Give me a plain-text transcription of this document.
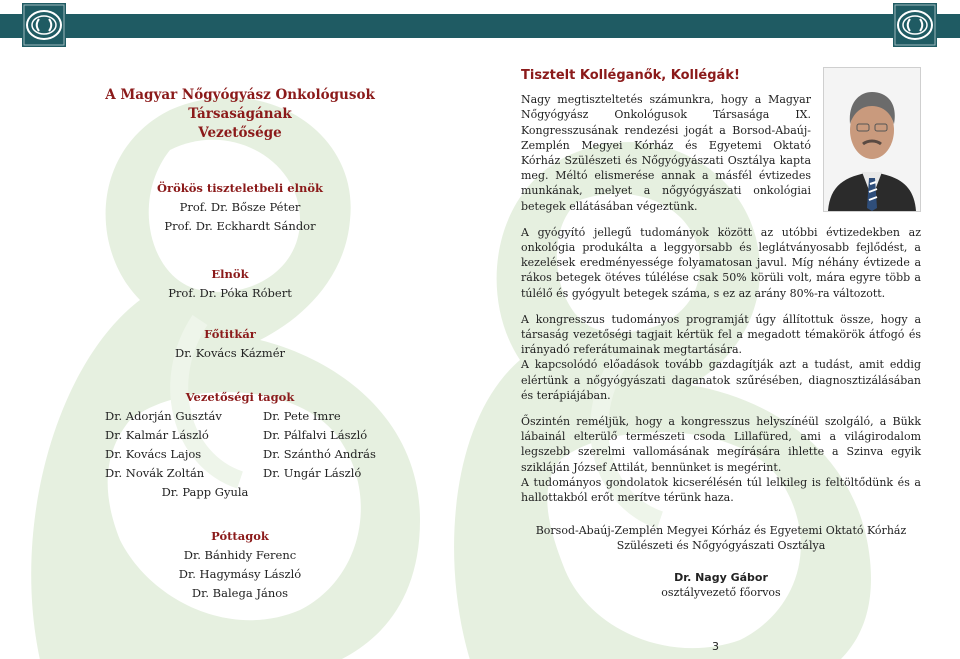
A Magyar Nőgyógyász Onkológusok Társaságának
Vezetősége
Örökös tiszteletbeli elnök
Prof. Dr. Bősze Péter
Prof. Dr. Eckhardt Sándor
Elnök
Prof. Dr. Póka Róbert
Főtitkár
Dr. Kovács Kázmér
Vezetőségi tagok
Dr. Adorján Gusztáv	Dr. Pete Imre
Dr. Kalmár László	Dr. Pálfalvi László
Dr. Kovács Lajos	Dr. Szánthó András
Dr. Novák Zoltán	Dr. Ungár László
Dr. Papp Gyula
Póttagok
Dr. Bánhidy Ferenc
Dr. Hagymásy László
Dr. Balega János
Tisztelt Kolléganők, Kollégák!
Nagy megtiszteltetés számunkra, hogy a Magyar Nőgyógyász Onkológusok Társasága IX. Kongresszusának rendezési jogát a Borsod-Abaúj-Zemplén Megyei Kórház és Egyetemi Oktató Kórház Szülészeti és Nőgyógyászati Osztálya kapta meg. Méltó elismerése annak a másfél évtizedes munkának, melyet a nőgyógyászati onkológiai betegek ellátásában végeztünk.
A gyógyító jellegű tudományok között az utóbbi évtizedekben az onkológia produkálta a leggyorsabb és leglátványosabb fejlődést, a kezelések eredményessége folyamatosan javul. Míg néhány évtizede a rákos betegek ötéves túlélése csak 50% körüli volt, mára egyre több a túlélő és gyógyult betegek száma, s ez az arány 80%-ra változott.
A kongresszus tudományos programját úgy állítottuk össze, hogy a társaság vezetőségi tagjait kértük fel a megadott témakörök átfogó és irányadó referátumainak megtartására.
A kapcsolódó előadások tovább gazdagítják azt a tudást, amit eddig elértünk a nőgyógyászati daganatok szűrésében, diagnosztizálásában és terápiájában.
Őszintén reméljük, hogy a kongresszus helyszínéül szolgáló, a Bükk lábainál elterülő természeti csoda Lillafüred, ami a világirodalom legszebb szerelmi vallomásának megírására ihlette a Szinva egyik szikláján József Attilát, bennünket is megérint.
A tudományos gondolatok kicserélésén túl lelkileg is feltöltődünk és a hallottakból erőt merítve térünk haza.
Borsod-Abaúj-Zemplén Megyei Kórház és Egyetemi Oktató Kórház
Szülészeti és Nőgyógyászati Osztálya
Dr. Nagy Gábor
osztályvezető főorvos
3
